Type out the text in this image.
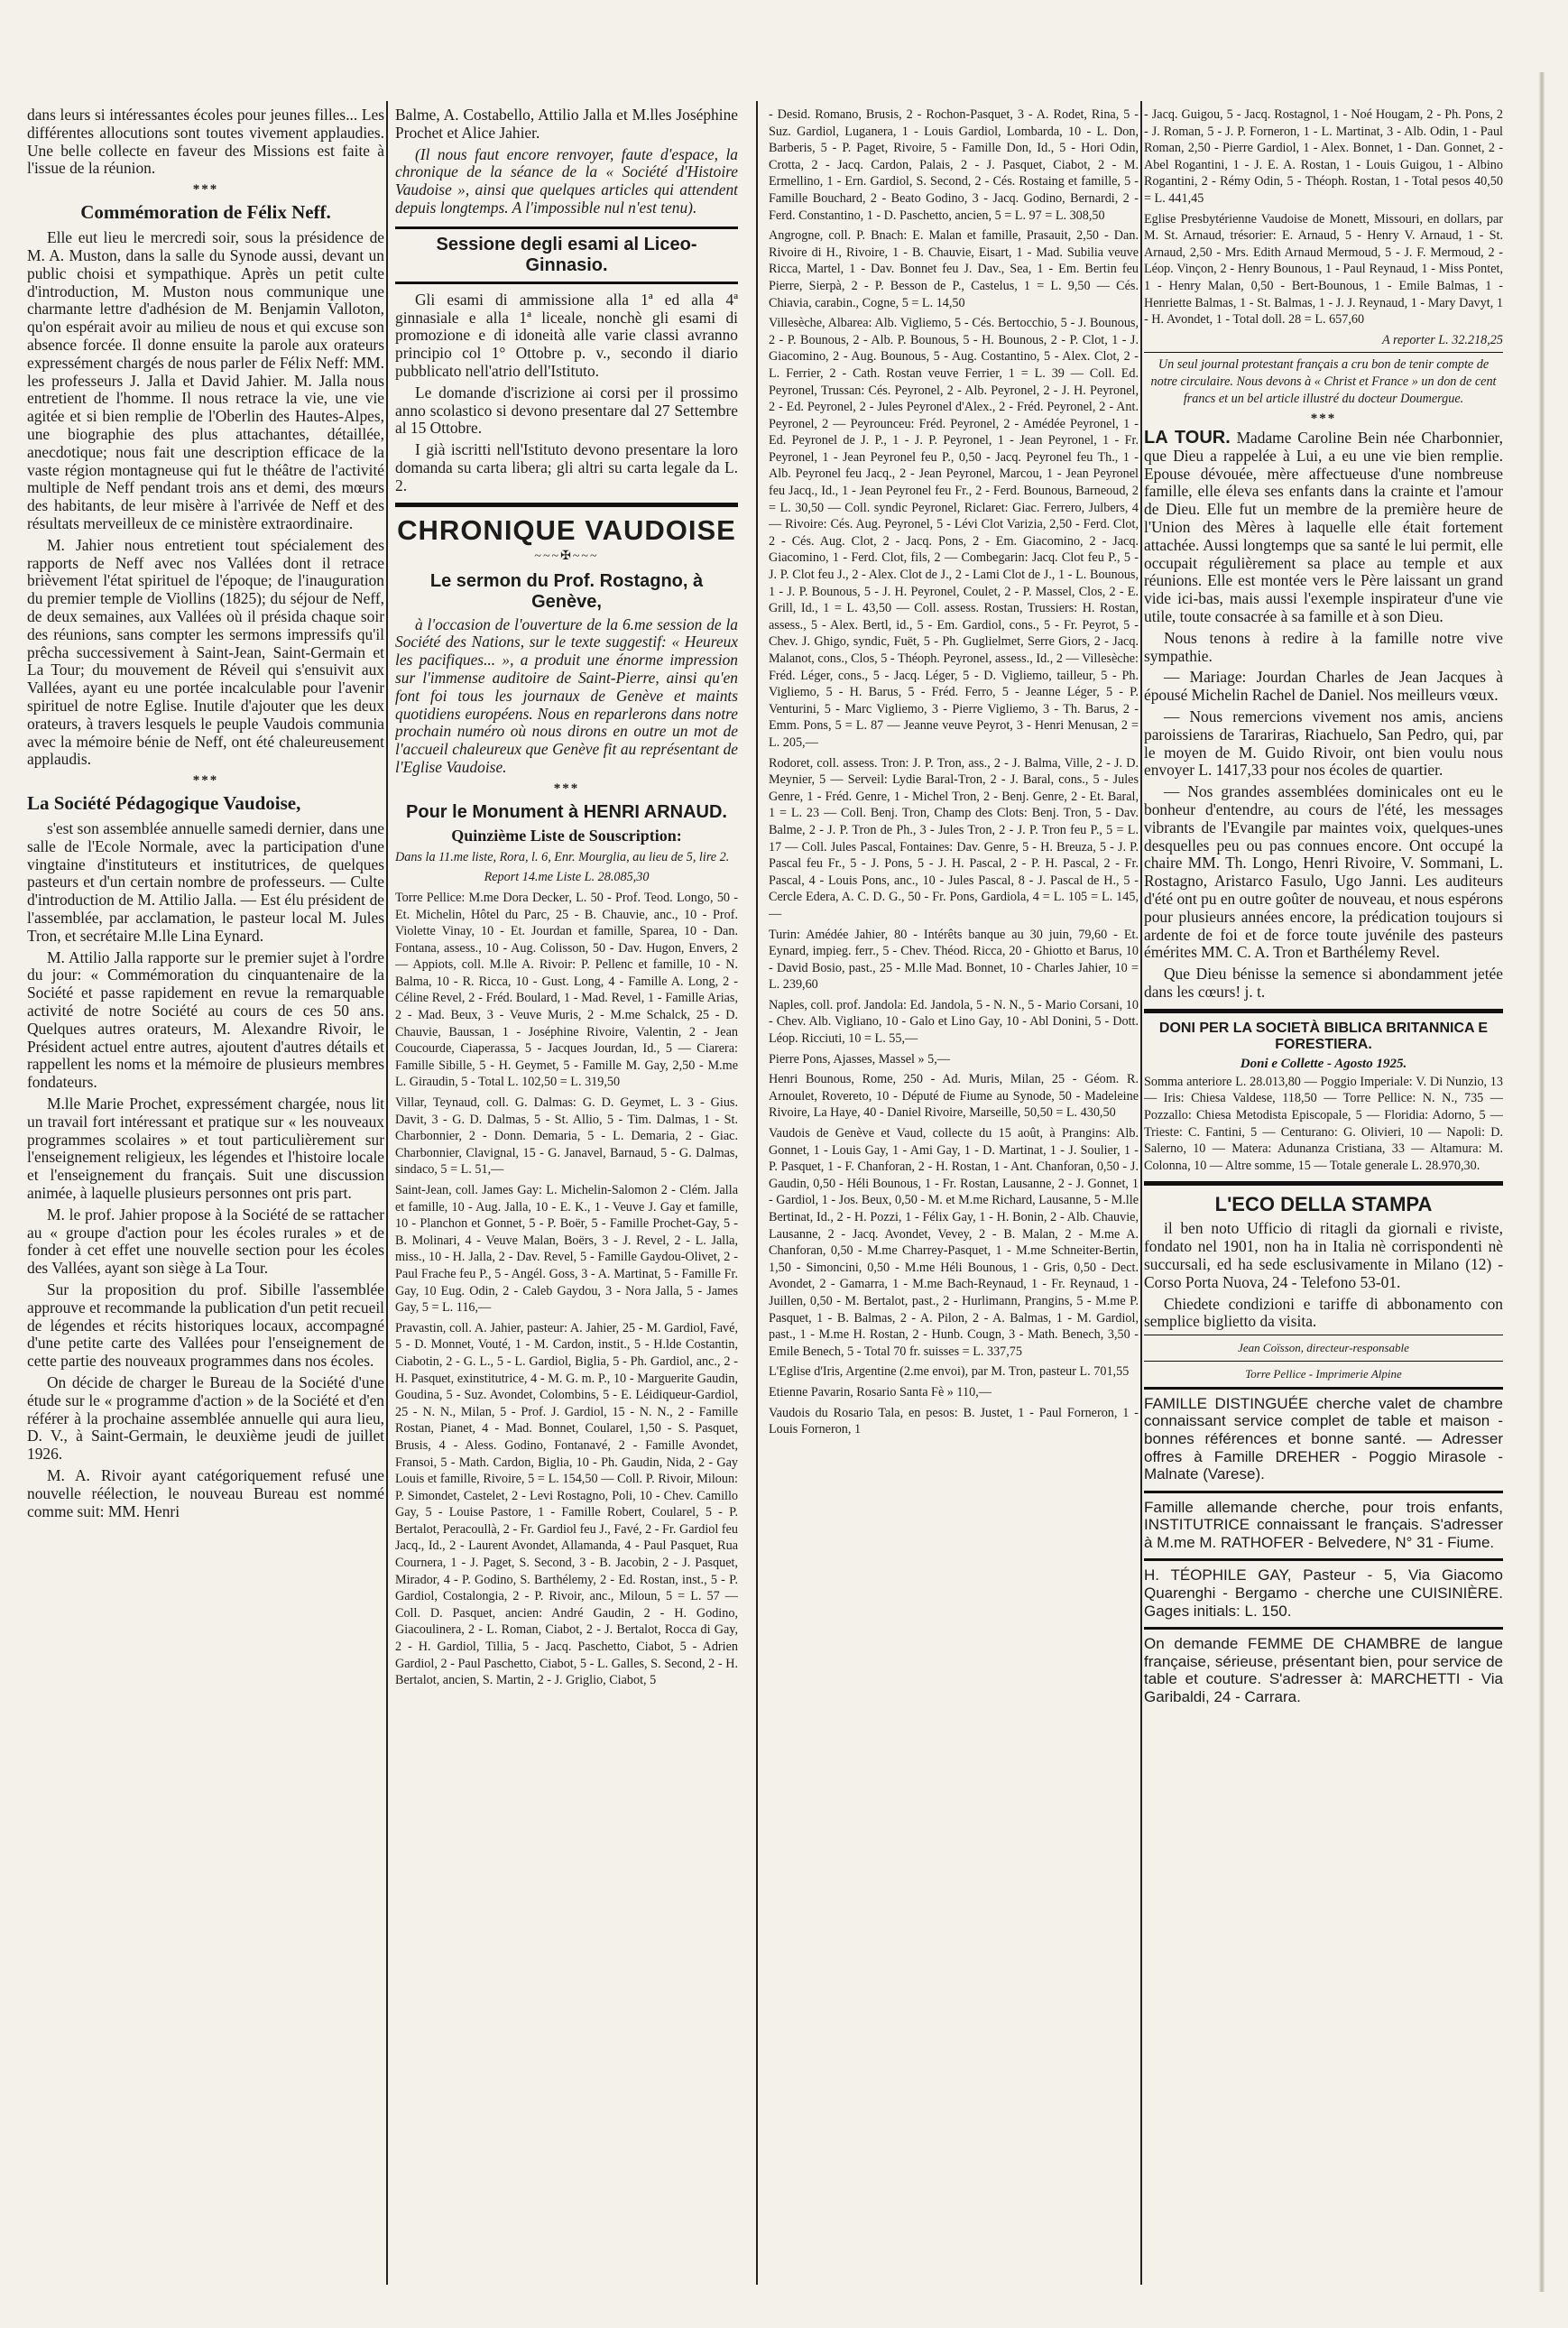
dans leurs si intéressantes écoles pour jeunes filles... Les différentes allocutions sont toutes vivement applaudies. Une belle collecte en faveur des Missions est faite à l'issue de la réunion.

***
Commémoration de Félix Neff.

Elle eut lieu le mercredi soir, sous la présidence de M. A. Muston, dans la salle du Synode aussi, devant un public choisi et sympathique. Après un petit culte d'introduction, M. Muston nous communique une charmante lettre d'adhésion de M. Benjamin Valloton, qu'on espérait avoir au milieu de nous et qui excuse son absence forcée. Il donne ensuite la parole aux orateurs expressément chargés de nous parler de Félix Neff: MM. les professeurs J. Jalla et David Jahier. M. Jalla nous entretient de l'homme. Il nous retrace la vie, une vie agitée et si bien remplie de l'Oberlin des Hautes-Alpes, une biographie des plus attachantes, détaillée, anecdotique; nous fait une description efficace de la vaste région montagneuse qui fut le théâtre de l'activité multiple de Neff pendant trois ans et demi, des mœurs des habitants, de leur misère à l'arrivée de Neff et des résultats merveilleux de ce ministère extraordinaire.

M. Jahier nous entretient tout spécialement des rapports de Neff avec nos Vallées dont il retrace brièvement l'état spirituel de l'époque; de l'inauguration du premier temple de Viollins (1825); du séjour de Neff, de deux semaines, aux Vallées où il présida chaque soir des réunions, sans compter les sermons impressifs qu'il prêcha successivement à Saint-Jean, Saint-Germain et La Tour; du mouvement de Réveil qui s'ensuivit aux Vallées, ayant eu une portée incalculable pour l'avenir spirituel de notre Eglise. Inutile d'ajouter que les deux orateurs, à travers lesquels le peuple Vaudois communia avec la mémoire bénie de Neff, ont été chaleureusement applaudis.

***
La Société Pédagogique Vaudoise,

s'est son assemblée annuelle samedi dernier, dans une salle de l'Ecole Normale, avec la participation d'une vingtaine d'instituteurs et institutrices, de quelques pasteurs et d'un certain nombre de professeurs. — Culte d'introduction de M. Attilio Jalla. — Est élu président de l'assemblée, par acclamation, le pasteur local M. Jules Tron, et secrétaire M.lle Lina Eynard.

M. Attilio Jalla rapporte sur le premier sujet à l'ordre du jour: « Commémoration du cinquantenaire de la Société et passe rapidement en revue la remarquable activité de notre Société au cours de ces 50 ans. Quelques autres orateurs, M. Alexandre Rivoir, le Président actuel entre autres, ajoutent d'autres détails et rappellent les noms et la mémoire de plusieurs membres fondateurs.

M.lle Marie Prochet, expressément chargée, nous lit un travail fort intéressant et pratique sur « les nouveaux programmes scolaires » et tout particulièrement sur l'enseignement religieux, les légendes et l'histoire locale et l'enseignement du français. Suit une discussion animée, à laquelle plusieurs personnes ont pris part.

M. le prof. Jahier propose à la Société de se rattacher au « groupe d'action pour les écoles rurales » et de fonder à cet effet une nouvelle section pour les écoles des Vallées, ayant son siège à La Tour.

Sur la proposition du prof. Sibille l'assemblée approuve et recommande la publication d'un petit recueil de légendes et récits historiques locaux, accompagné d'une petite carte des Vallées pour l'enseignement de cette partie des nouveaux programmes dans nos écoles.

On décide de charger le Bureau de la Société d'une étude sur le « programme d'action » de la Société et d'en référer à la prochaine assemblée annuelle qui aura lieu, D. V., à Saint-Germain, le deuxième jeudi de juillet 1926.

M. A. Rivoir ayant catégoriquement refusé une nouvelle réélection, le nouveau Bureau est nommé comme suit: MM. Henri

Balme, A. Costabello, Attilio Jalla et M.lles Joséphine Prochet et Alice Jahier.

(Il nous faut encore renvoyer, faute d'espace, la chronique de la séance de la « Société d'Histoire Vaudoise », ainsi que quelques articles qui attendent depuis longtemps. A l'impossible nul n'est tenu).

Sessione degli esami al Liceo-Ginnasio.

Gli esami di ammissione alla 1ª ed alla 4ª ginnasiale e alla 1ª liceale, nonchè gli esami di promozione e di idoneità alle varie classi avranno principio col 1° Ottobre p. v., secondo il diario pubblicato nell'atrio dell'Istituto.

Le domande d'iscrizione ai corsi per il prossimo anno scolastico si devono presentare dal 27 Settembre al 15 Ottobre.

I già iscritti nell'Istituto devono presentare la loro domanda su carta libera; gli altri su carta legale da L. 2.

CHRONIQUE VAUDOISE
~~~✠~~~
Le sermon du Prof. Rostagno, à Genève,

à l'occasion de l'ouverture de la 6.me session de la Société des Nations, sur le texte suggestif: « Heureux les pacifiques... », a produit une énorme impression sur l'immense auditoire de Saint-Pierre, ainsi qu'en font foi tous les journaux de Genève et maints quotidiens européens. Nous en reparlerons dans notre prochain numéro où nous dirons en outre un mot de l'accueil chaleureux que Genève fit au représentant de l'Eglise Vaudoise.

***
Pour le Monument à HENRI ARNAUD.
Quinzième Liste de Souscription:

Dans la 11.me liste, Rora, l. 6, Enr. Mourglia, au lieu de 5, lire 2.

Report 14.me Liste L. 28.085,30

Torre Pellice: M.me Dora Decker, L. 50 - Prof. Teod. Longo, 50 - Et. Michelin, Hôtel du Parc, 25 - B. Chauvie, anc., 10 - Prof. Violette Vinay, 10 - Et. Jourdan et famille, Sparea, 10 - Dan. Fontana, assess., 10 - Aug. Colisson, 50 - Dav. Hugon, Envers, 2 — Appiots, coll. M.lle A. Rivoir: P. Pellenc et famille, 10 - N. Balma, 10 - R. Ricca, 10 - Gust. Long, 4 - Famille A. Long, 2 - Céline Revel, 2 - Fréd. Boulard, 1 - Mad. Revel, 1 - Famille Arias, 2 - Mad. Beux, 3 - Veuve Muris, 2 - M.me Schalck, 25 - D. Chauvie, Baussan, 1 - Joséphine Rivoire, Valentin, 2 - Jean Coucourde, Ciaperassa, 5 - Jacques Jourdan, Id., 5 — Ciarera: Famille Sibille, 5 - H. Geymet, 5 - Famille M. Gay, 2,50 - M.me L. Giraudin, 5 - Total L. 102,50 = L. 319,50

Villar, Teynaud, coll. G. Dalmas: G. D. Geymet, L. 3 - Gius. Davit, 3 - G. D. Dalmas, 5 - St. Allio, 5 - Tim. Dalmas, 1 - St. Charbonnier, 2 - Donn. Demaria, 5 - L. Demaria, 2 - Giac. Charbonnier, Clavignal, 15 - G. Janavel, Barnaud, 5 - G. Dalmas, sindaco, 5 = L. 51,—

Saint-Jean, coll. James Gay: L. Michelin-Salomon 2 - Clém. Jalla et famille, 10 - Aug. Jalla, 10 - E. K., 1 - Veuve J. Gay et famille, 10 - Planchon et Gonnet, 5 - P. Boër, 5 - Famille Prochet-Gay, 5 - B. Molinari, 4 - Veuve Malan, Boërs, 3 - J. Revel, 2 - L. Jalla, miss., 10 - H. Jalla, 2 - Dav. Revel, 5 - Famille Gaydou-Olivet, 2 - Paul Frache feu P., 5 - Angél. Goss, 3 - A. Martinat, 5 - Famille Fr. Gay, 10 Eug. Odin, 2 - Caleb Gaydou, 3 - Nora Jalla, 5 - James Gay, 5 = L. 116,—

Pravastin, coll. A. Jahier, pasteur: A. Jahier, 25 - M. Gardiol, Favé, 5 - D. Monnet, Vouté, 1 - M. Cardon, instit., 5 - H.lde Costantin, Ciabotin, 2 - G. L., 5 - L. Gardiol, Biglia, 5 - Ph. Gardiol, anc., 2 - H. Pasquet, exinstitutrice, 4 - M. G. m. P., 10 - Marguerite Gaudin, Goudina, 5 - Suz. Avondet, Colombins, 5 - E. Léidiqueur-Gardiol, 25 - N. N., Milan, 5 - Prof. J. Gardiol, 15 - N. N., 2 - Famille Rostan, Pianet, 4 - Mad. Bonnet, Coularel, 1,50 - S. Pasquet, Brusis, 4 - Aless. Godino, Fontanavé, 2 - Famille Avondet, Fransoi, 5 - Math. Cardon, Biglia, 10 - Ph. Gaudin, Nida, 2 - Gay Louis et famille, Rivoire, 5 = L. 154,50 — Coll. P. Rivoir, Miloun: P. Simondet, Castelet, 2 - Levi Rostagno, Poli, 10 - Chev. Camillo Gay, 5 - Louise Pastore, 1 - Famille Robert, Coularel, 5 - P. Bertalot, Peracoullà, 2 - Fr. Gardiol feu J., Favé, 2 - Fr. Gardiol feu Jacq., Id., 2 - Laurent Avondet, Allamanda, 4 - Paul Pasquet, Rua Cournera, 1 - J. Paget, S. Second, 3 - B. Jacobin, 2 - J. Pasquet, Mirador, 4 - P. Godino, S. Barthélemy, 2 - Ed. Rostan, inst., 5 - P. Gardiol, Costalongia, 2 - P. Rivoir, anc., Miloun, 5 = L. 57 — Coll. D. Pasquet, ancien: André Gaudin, 2 - H. Godino, Giacoulinera, 2 - L. Roman, Ciabot, 2 - J. Bertalot, Rocca di Gay, 2 - H. Gardiol, Tillia, 5 - Jacq. Paschetto, Ciabot, 5 - Adrien Gardiol, 2 - Paul Paschetto, Ciabot, 5 - L. Galles, S. Second, 2 - H. Bertalot, ancien, S. Martin, 2 - J. Griglio, Ciabot, 5

- Desid. Romano, Brusis, 2 - Rochon-Pasquet, 3 - A. Rodet, Rina, 5 - Suz. Gardiol, Luganera, 1 - Louis Gardiol, Lombarda, 10 - L. Don, Barberis, 5 - P. Paget, Rivoire, 5 - Famille Don, Id., 5 - Hori Odin, Crotta, 2 - Jacq. Cardon, Palais, 2 - J. Pasquet, Ciabot, 2 - M. Ermellino, 1 - Ern. Gardiol, S. Second, 2 - Cés. Rostaing et famille, 5 - Famille Bouchard, 2 - Beato Godino, 3 - Jacq. Godino, Bernardi, 2 - Ferd. Constantino, 1 - D. Paschetto, ancien, 5 = L. 97 = L. 308,50

Angrogne, coll. P. Bnach: E. Malan et famille, Prasauit, 2,50 - Dan. Rivoire di H., Rivoire, 1 - B. Chauvie, Eisart, 1 - Mad. Subilia veuve Ricca, Martel, 1 - Dav. Bonnet feu J. Dav., Sea, 1 - Em. Bertin feu Pierre, Sierpà, 2 - P. Besson de P., Castelus, 1 = L. 9,50 — Cés. Chiavia, carabin., Cogne, 5 = L. 14,50

Villesèche, Albarea: Alb. Vigliemo, 5 - Cés. Bertocchio, 5 - J. Bounous, 2 - P. Bounous, 2 - Alb. P. Bounous, 5 - H. Bounous, 2 - P. Clot, 1 - J. Giacomino, 2 - Aug. Bounous, 5 - Aug. Costantino, 5 - Alex. Clot, 2 - L. Ferrier, 2 - Cath. Rostan veuve Ferrier, 1 = L. 39 — Coll. Ed. Peyronel, Trussan: Cés. Peyronel, 2 - Alb. Peyronel, 2 - J. H. Peyronel, 2 - Ed. Peyronel, 2 - Jules Peyronel d'Alex., 2 - Fréd. Peyronel, 2 - Ant. Peyronel, 2 — Peyrounceu: Fréd. Peyronel, 2 - Amédée Peyronel, 1 - Ed. Peyronel de J. P., 1 - J. P. Peyronel, 1 - Jean Peyronel, 1 - Fr. Peyronel, 1 - Jean Peyronel feu P., 0,50 - Jacq. Peyronel feu Th., 1 - Alb. Peyronel feu Jacq., 2 - Jean Peyronel, Marcou, 1 - Jean Peyronel feu Jacq., Id., 1 - Jean Peyronel feu Fr., 2 - Ferd. Bounous, Barneoud, 2 = L. 30,50 — Coll. syndic Peyronel, Riclaret: Giac. Ferrero, Julbers, 4 — Rivoire: Cés. Aug. Peyronel, 5 - Lévi Clot Varizia, 2,50 - Ferd. Clot, 2 - Cés. Aug. Clot, 2 - Jacq. Pons, 2 - Em. Giacomino, 2 - Jacq. Giacomino, 1 - Ferd. Clot, fils, 2 — Combegarin: Jacq. Clot feu P., 5 - J. P. Clot feu J., 2 - Alex. Clot de J., 2 - Lami Clot de J., 1 - L. Bounous, 1 - J. P. Bounous, 5 - J. H. Peyronel, Coulet, 2 - P. Massel, Clos, 2 - E. Grill, Id., 1 = L. 43,50 — Coll. assess. Rostan, Trussiers: H. Rostan, assess., 5 - Alex. Bertl, id., 5 - Em. Gardiol, cons., 5 - Fr. Peyrot, 5 - Chev. J. Ghigo, syndic, Fuët, 5 - Ph. Guglielmet, Serre Giors, 2 - Jacq. Malanot, cons., Clos, 5 - Théoph. Peyronel, assess., Id., 2 — Villesèche: Fréd. Léger, cons., 5 - Jacq. Léger, 5 - D. Vigliemo, tailleur, 5 - Ph. Vigliemo, 5 - H. Barus, 5 - Fréd. Ferro, 5 - Jeanne Léger, 5 - P. Venturini, 5 - Marc Vigliemo, 3 - Pierre Vigliemo, 3 - Th. Barus, 2 - Emm. Pons, 5 = L. 87 — Jeanne veuve Peyrot, 3 - Henri Menusan, 2 = L. 205,—

Rodoret, coll. assess. Tron: J. P. Tron, ass., 2 - J. Balma, Ville, 2 - J. D. Meynier, 5 — Serveil: Lydie Baral-Tron, 2 - J. Baral, cons., 5 - Jules Genre, 1 - Fréd. Genre, 1 - Michel Tron, 2 - Benj. Genre, 2 - Et. Baral, 1 = L. 23 — Coll. Benj. Tron, Champ des Clots: Benj. Tron, 5 - Dav. Balme, 2 - J. P. Tron de Ph., 3 - Jules Tron, 2 - J. P. Tron feu P., 5 = L. 17 — Coll. Jules Pascal, Fontaines: Dav. Genre, 5 - H. Breuza, 5 - J. P. Pascal feu Fr., 5 - J. Pons, 5 - J. H. Pascal, 2 - P. H. Pascal, 2 - Fr. Pascal, 4 - Louis Pons, anc., 10 - Jules Pascal, 8 - J. Pascal de H., 5 - Cercle Edera, A. C. D. G., 50 - Fr. Pons, Gardiola, 4 = L. 105 = L. 145,—

Turin: Amédée Jahier, 80 - Intérêts banque au 30 juin, 79,60 - Et. Eynard, impieg. ferr., 5 - Chev. Théod. Ricca, 20 - Ghiotto et Barus, 10 - David Bosio, past., 25 - M.lle Mad. Bonnet, 10 - Charles Jahier, 10 = L. 239,60

Naples, coll. prof. Jandola: Ed. Jandola, 5 - N. N., 5 - Mario Corsani, 10 - Chev. Alb. Vigliano, 10 - Galo et Lino Gay, 10 - Abl Donini, 5 - Dott. Léop. Ricciuti, 10 = L. 55,—

Pierre Pons, Ajasses, Massel » 5,—

Henri Bounous, Rome, 250 - Ad. Muris, Milan, 25 - Géom. R. Arnoulet, Rovereto, 10 - Député de Fiume au Synode, 50 - Madeleine Rivoire, La Haye, 40 - Daniel Rivoire, Marseille, 50,50 = L. 430,50

Vaudois de Genève et Vaud, collecte du 15 août, à Prangins: Alb. Gonnet, 1 - Louis Gay, 1 - Ami Gay, 1 - D. Martinat, 1 - J. Soulier, 1 - P. Pasquet, 1 - F. Chanforan, 2 - H. Rostan, 1 - Ant. Chanforan, 0,50 - J. Gaudin, 0,50 - Héli Bounous, 1 - Fr. Rostan, Lausanne, 2 - J. Gonnet, 1 - Gardiol, 1 - Jos. Beux, 0,50 - M. et M.me Richard, Lausanne, 5 - M.lle Bertinat, Id., 2 - H. Pozzi, 1 - Félix Gay, 1 - H. Bonin, 2 - Alb. Chauvie, Lausanne, 2 - Jacq. Avondet, Vevey, 2 - B. Malan, 2 - M.me A. Chanforan, 0,50 - M.me Charrey-Pasquet, 1 - M.me Schneiter-Bertin, 1,50 - Simoncini, 0,50 - M.me Héli Bounous, 1 - Gris, 0,50 - Dect. Avondet, 2 - Gamarra, 1 - M.me Bach-Reynaud, 1 - Fr. Reynaud, 1 - Juillen, 0,50 - M. Bertalot, past., 2 - Hurlimann, Prangins, 5 - M.me P. Pasquet, 1 - B. Balmas, 2 - A. Pilon, 2 - A. Balmas, 1 - M. Gardiol, past., 1 - M.me H. Rostan, 2 - Hunb. Cougn, 3 - Math. Benech, 3,50 - Emile Benech, 5 - Total 70 fr. suisses = L. 337,75

L'Eglise d'Iris, Argentine (2.me envoi), par M. Tron, pasteur L. 701,55

Etienne Pavarin, Rosario Santa Fè » 110,—

Vaudois du Rosario Tala, en pesos: B. Justet, 1 - Paul Forneron, 1 - Louis Forneron, 1

- Jacq. Guigou, 5 - Jacq. Rostagnol, 1 - Noé Hougam, 2 - Ph. Pons, 2 - J. Roman, 5 - J. P. Forneron, 1 - L. Martinat, 3 - Alb. Odin, 1 - Paul Roman, 2,50 - Pierre Gardiol, 1 - Alex. Bonnet, 1 - Dan. Gonnet, 2 - Abel Rogantini, 1 - J. E. A. Rostan, 1 - Louis Guigou, 1 - Albino Rogantini, 2 - Rémy Odin, 5 - Théoph. Rostan, 1 - Total pesos 40,50 = L. 441,45

Eglise Presbytérienne Vaudoise de Monett, Missouri, en dollars, par M. St. Arnaud, trésorier: E. Arnaud, 5 - Henry V. Arnaud, 1 - St. Arnaud, 2,50 - Mrs. Edith Arnaud Mermoud, 5 - J. F. Mermoud, 2 - Léop. Vinçon, 2 - Henry Bounous, 1 - Paul Reynaud, 1 - Miss Pontet, 1 - Henry Malan, 0,50 - Bert-Bounous, 1 - Emile Balmas, 1 - Henriette Balmas, 1 - St. Balmas, 1 - J. J. Reynaud, 1 - Mary Davyt, 1 - H. Avondet, 1 - Total doll. 28 = L. 657,60

A reporter L. 32.218,25

Un seul journal protestant français a cru bon de tenir compte de notre circulaire. Nous devons à « Christ et France » un don de cent francs et un bel article illustré du docteur Doumergue.

***

LA TOUR. Madame Caroline Bein née Charbonnier, que Dieu a rappelée à Lui, a eu une vie bien remplie. Epouse dévouée, mère affectueuse d'une nombreuse famille, elle éleva ses enfants dans la crainte et l'amour de Dieu. Elle fut un membre de la première heure de l'Union des Mères à laquelle elle était fortement attachée. Aussi longtemps que sa santé le lui permit, elle occupait régulièrement sa place au temple et aux réunions. Elle est montée vers le Père laissant un grand vide ici-bas, mais aussi l'exemple inspirateur d'une vie utile, toute consacrée à sa famille et à son Dieu.

Nous tenons à redire à la famille notre vive sympathie.

— Mariage: Jourdan Charles de Jean Jacques à épousé Michelin Rachel de Daniel. Nos meilleurs vœux.

— Nous remercions vivement nos amis, anciens paroissiens de Tarariras, Riachuelo, San Pedro, qui, par le moyen de M. Guido Rivoir, ont bien voulu nous envoyer L. 1417,33 pour nos écoles de quartier.

— Nos grandes assemblées dominicales ont eu le bonheur d'entendre, au cours de l'été, les messages vibrants de l'Evangile par maintes voix, quelques-unes desquelles peu ou pas connues encore. Ont occupé la chaire MM. Th. Longo, Henri Rivoire, V. Sommani, L. Rostagno, Aristarco Fasulo, Ugo Janni. Les auditeurs d'été ont pu en outre goûter de nouveau, et nous espérons pour plusieurs années encore, la prédication toujours si ardente de foi et de force toute juvénile des pasteurs émérites MM. C. A. Tron et Barthélemy Revel.

Que Dieu bénisse la semence si abondamment jetée dans les cœurs! j. t.

DONI PER LA SOCIETÀ BIBLICA BRITANNICA E FORESTIERA.
Doni e Collette - Agosto 1925.

Somma anteriore L. 28.013,80 — Poggio Imperiale: V. Di Nunzio, 13 — Iris: Chiesa Valdese, 118,50 — Torre Pellice: N. N., 735 — Pozzallo: Chiesa Metodista Episcopale, 5 — Floridia: Adorno, 5 — Trieste: C. Fantini, 5 — Centurano: G. Olivieri, 10 — Napoli: D. Salerno, 10 — Matera: Adunanza Cristiana, 33 — Altamura: M. Colonna, 10 — Altre somme, 15 — Totale generale L. 28.970,30.

L'ECO DELLA STAMPA

il ben noto Ufficio di ritagli da giornali e riviste, fondato nel 1901, non ha in Italia nè corrispondenti nè succursali, ed ha sede esclusivamente in Milano (12) - Corso Porta Nuova, 24 - Telefono 53-01.

Chiedete condizioni e tariffe di abbonamento con semplice biglietto da visita.

Jean Coïsson, directeur-responsable

Torre Pellice - Imprimerie Alpine

FAMILLE DISTINGUÉE cherche valet de chambre connaissant service complet de table et maison - bonnes références et bonne santé. — Adresser offres à Famille DREHER - Poggio Mirasole - Malnate (Varese).

Famille allemande cherche, pour trois enfants, INSTITUTRICE connaissant le français. S'adresser à M.me M. RATHOFER - Belvedere, N° 31 - Fiume.

H. TÉOPHILE GAY, Pasteur - 5, Via Giacomo Quarenghi - Bergamo - cherche une CUISINIÈRE. Gages initials: L. 150.

On demande FEMME DE CHAMBRE de langue française, sérieuse, présentant bien, pour service de table et couture. S'adresser à: MARCHETTI - Via Garibaldi, 24 - Carrara.
